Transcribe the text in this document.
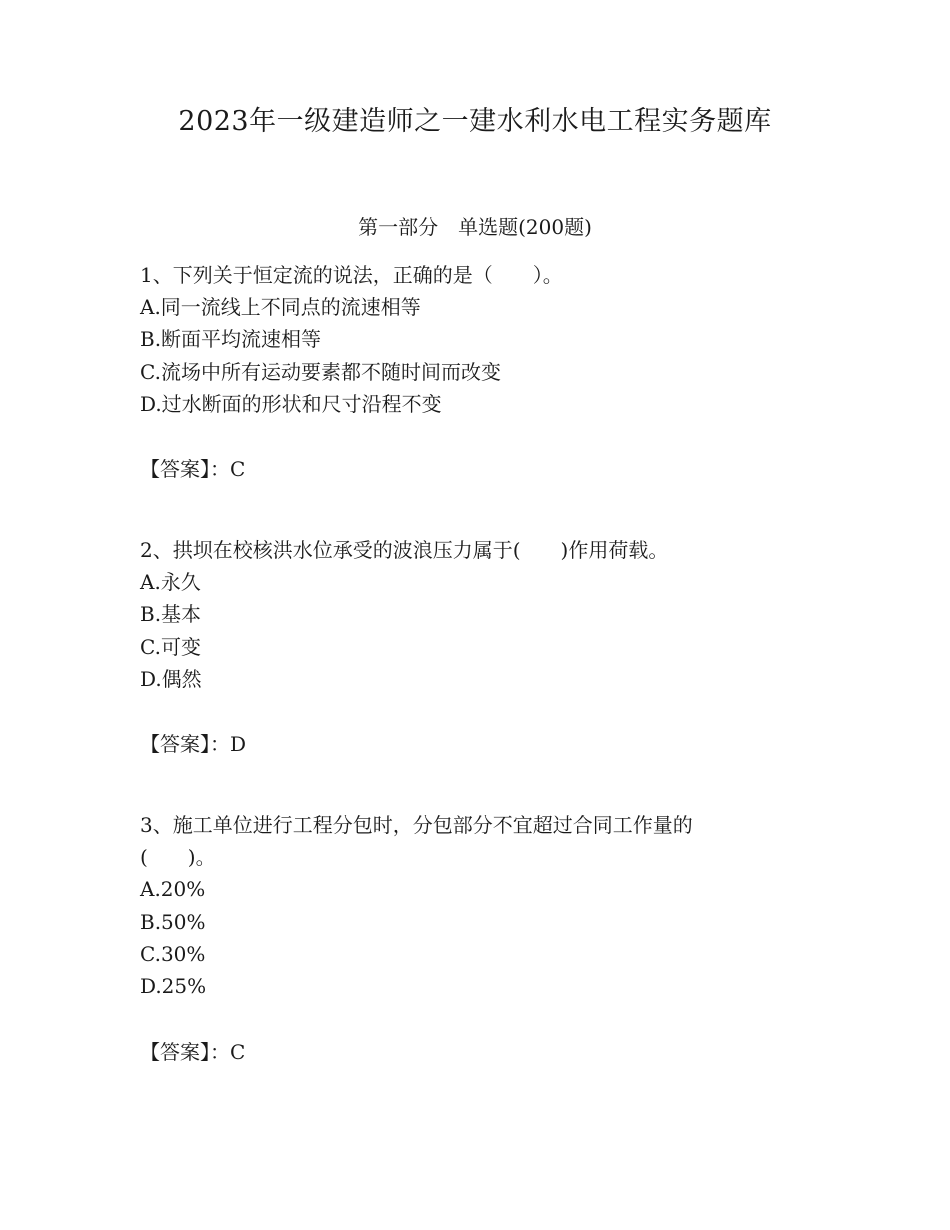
2023年一级建造师之一建水利水电工程实务题库
第一部分　单选题(200题)
1、下列关于恒定流的说法，正确的是（　　）。
A.同一流线上不同点的流速相等
B.断面平均流速相等
C.流场中所有运动要素都不随时间而改变
D.过水断面的形状和尺寸沿程不变
【答案】：C
2、拱坝在校核洪水位承受的波浪压力属于(　　)作用荷载。
A.永久
B.基本
C.可变
D.偶然
【答案】：D
3、施工单位进行工程分包时，分包部分不宜超过合同工作量的
(　　)。
A.20%
B.50%
C.30%
D.25%
【答案】：C
